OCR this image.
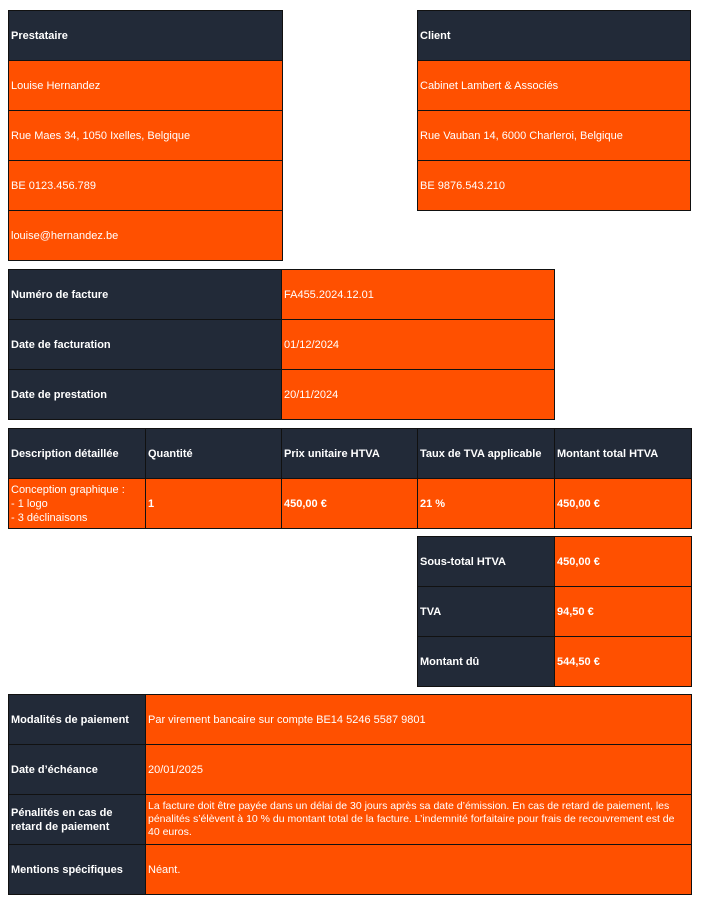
Prestataire
Louise Hernandez
Rue Maes 34, 1050 Ixelles, Belgique
BE 0123.456.789
louise@hernandez.be
Client
Cabinet Lambert & Associés
Rue Vauban 14, 6000 Charleroi, Belgique
BE 9876.543.210
Numéro de facture	FA455.2024.12.01
Date de facturation	01/12/2024
Date de prestation	20/11/2024
Description détaillée	Quantité	Prix unitaire HTVA	Taux de TVA applicable	Montant total HTVA
Conception graphique :
- 1 logo
- 3 déclinaisons	1	450,00 €	21 %	450,00 €
Sous-total HTVA	450,00 €
TVA	94,50 €
Montant dû	544,50 €
Modalités de paiement	Par virement bancaire sur compte BE14 5246 5587 9801
Date d’échéance	20/01/2025
Pénalités en cas de retard de paiement	La facture doit être payée dans un délai de 30 jours après sa date d’émission. En cas de retard de paiement, les pénalités s’élèvent à 10 % du montant total de la facture. L’indemnité forfaitaire pour frais de recouvrement est de 40 euros.
Mentions spécifiques	Néant.
